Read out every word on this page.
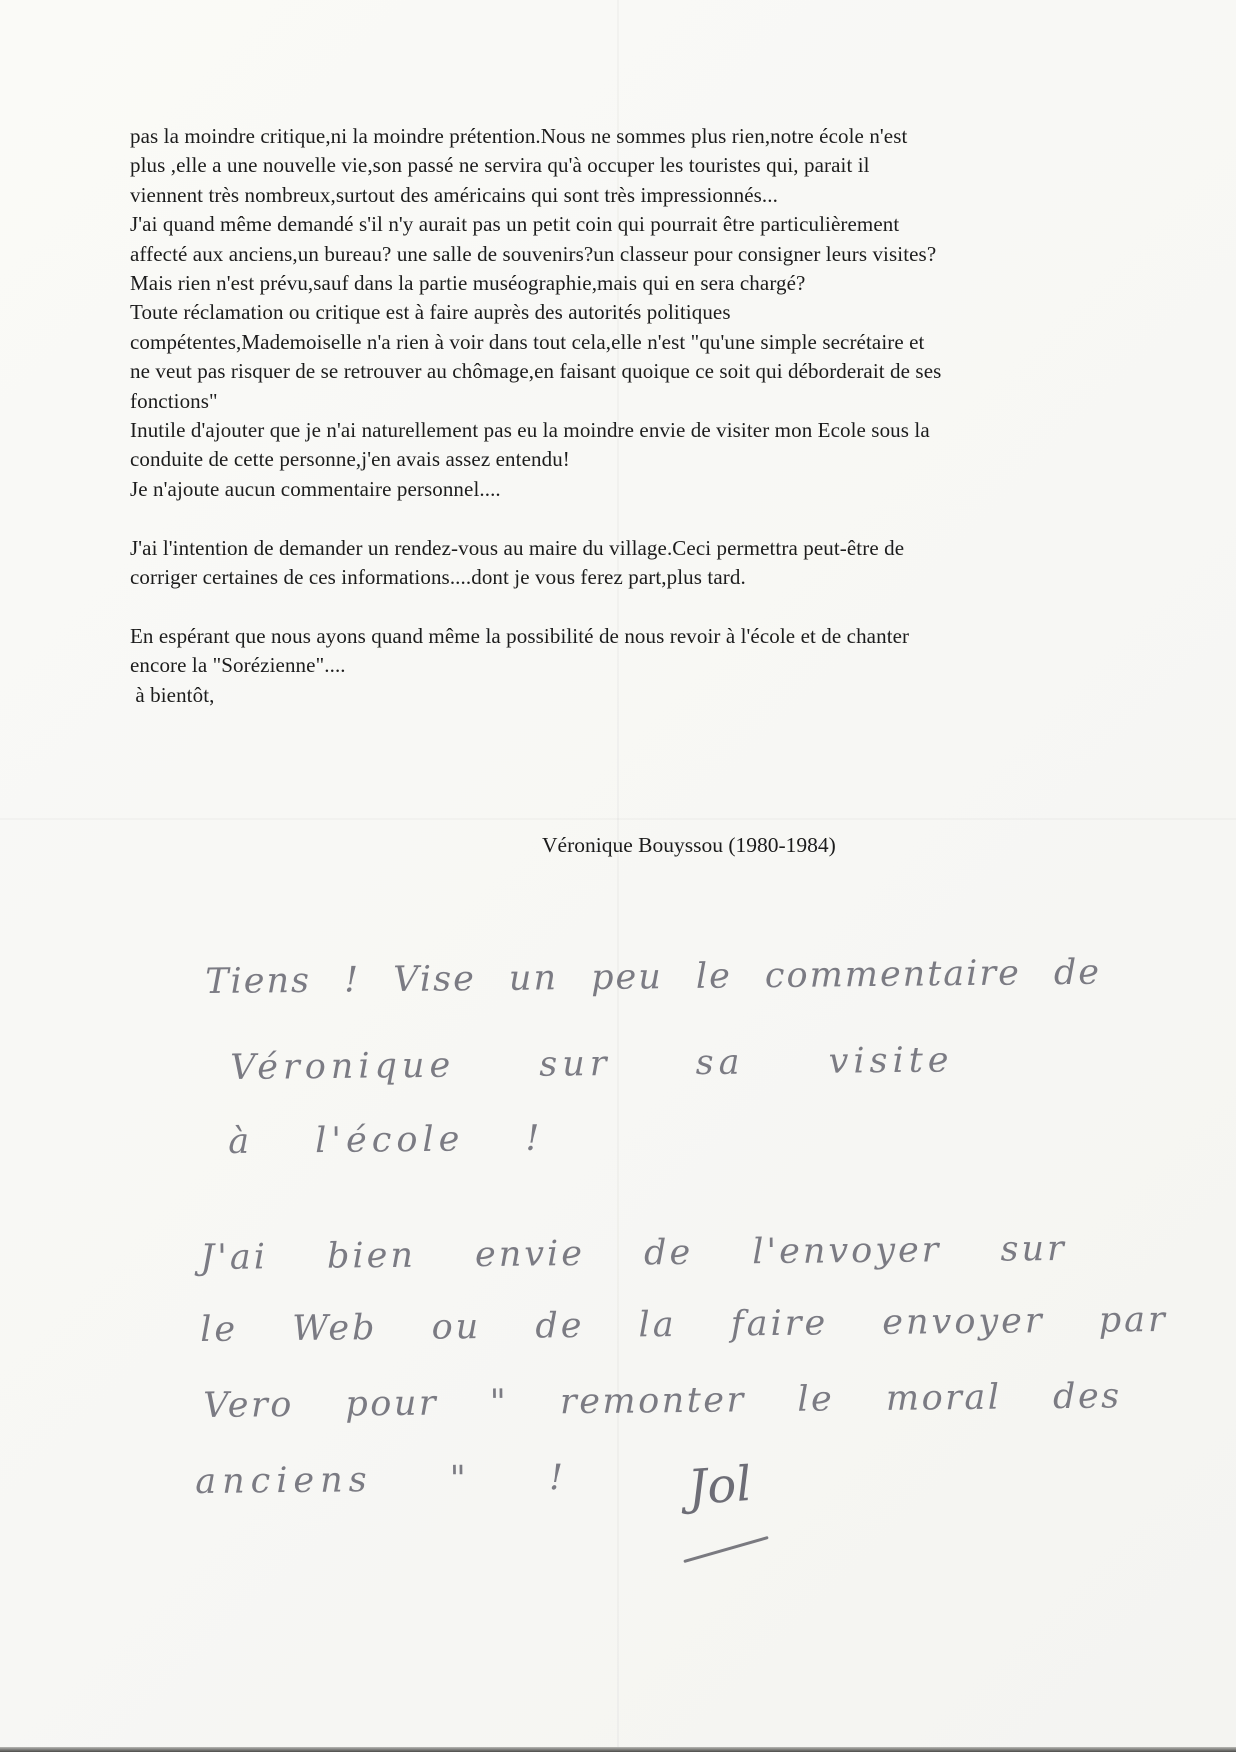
pas la moindre critique,ni la moindre prétention.Nous ne sommes plus rien,notre école n'est
plus ,elle a une nouvelle vie,son passé ne servira qu'à occuper les touristes qui, parait il
viennent très nombreux,surtout des américains qui sont très impressionnés...
J'ai quand même demandé s'il n'y aurait pas un petit coin qui pourrait être particulièrement
affecté aux anciens,un bureau? une salle de souvenirs?un classeur pour consigner leurs visites?
Mais rien n'est prévu,sauf dans la partie muséographie,mais qui en sera chargé?
Toute réclamation ou critique est à faire auprès des autorités politiques
compétentes,Mademoiselle n'a rien à voir dans tout cela,elle n'est "qu'une simple secrétaire et
ne veut pas risquer de se retrouver au chômage,en faisant quoique ce soit qui déborderait de ses
fonctions"
Inutile d'ajouter que je n'ai naturellement pas eu la moindre envie de visiter mon Ecole sous la
conduite de cette personne,j'en avais assez entendu!
Je n'ajoute aucun commentaire personnel....
J'ai l'intention de demander un rendez-vous au maire du village.Ceci permettra peut-être de
corriger certaines de ces informations....dont je vous ferez part,plus tard.
En espérant que nous ayons quand même la possibilité de nous revoir à l'école et de chanter
encore la "Sorézienne"....
à bientôt,
Véronique Bouyssou (1980-1984)
Tiens ! Vise un peu le commentaire de
Véronique sur sa visite
à l'école !
J'ai bien envie de l'envoyer sur
le Web ou de la faire envoyer par
Vero pour " remonter le moral des
anciens " ! Jol
